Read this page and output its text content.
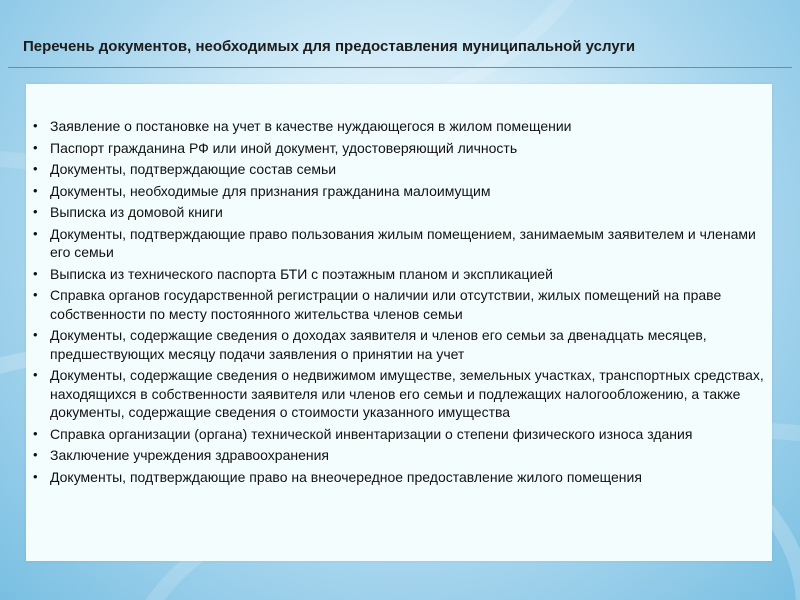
Перечень документов, необходимых для предоставления муниципальной услуги
• Заявление о постановке на учет в качестве нуждающегося в жилом помещении
• Паспорт гражданина РФ или иной документ, удостоверяющий личность
• Документы, подтверждающие состав семьи
• Документы, необходимые для признания гражданина малоимущим
• Выписка из домовой книги
• Документы, подтверждающие право пользования жилым помещением, занимаемым заявителем и членами его семьи
• Выписка из технического паспорта БТИ с поэтажным планом и экспликацией
• Справка органов государственной регистрации о наличии или отсутствии, жилых помещений на праве собственности по месту постоянного жительства членов семьи
• Документы, содержащие сведения о доходах заявителя и членов его семьи за двенадцать месяцев, предшествующих месяцу подачи заявления о принятии на учет
• Документы, содержащие сведения о недвижимом имуществе, земельных участках, транспортных средствах, находящихся в собственности заявителя или членов его семьи и подлежащих налогообложению, а также документы, содержащие сведения о стоимости указанного имущества
• Справка организации (органа) технической инвентаризации о степени физического износа здания
• Заключение учреждения здравоохранения
• Документы, подтверждающие право на внеочередное предоставление жилого помещения
